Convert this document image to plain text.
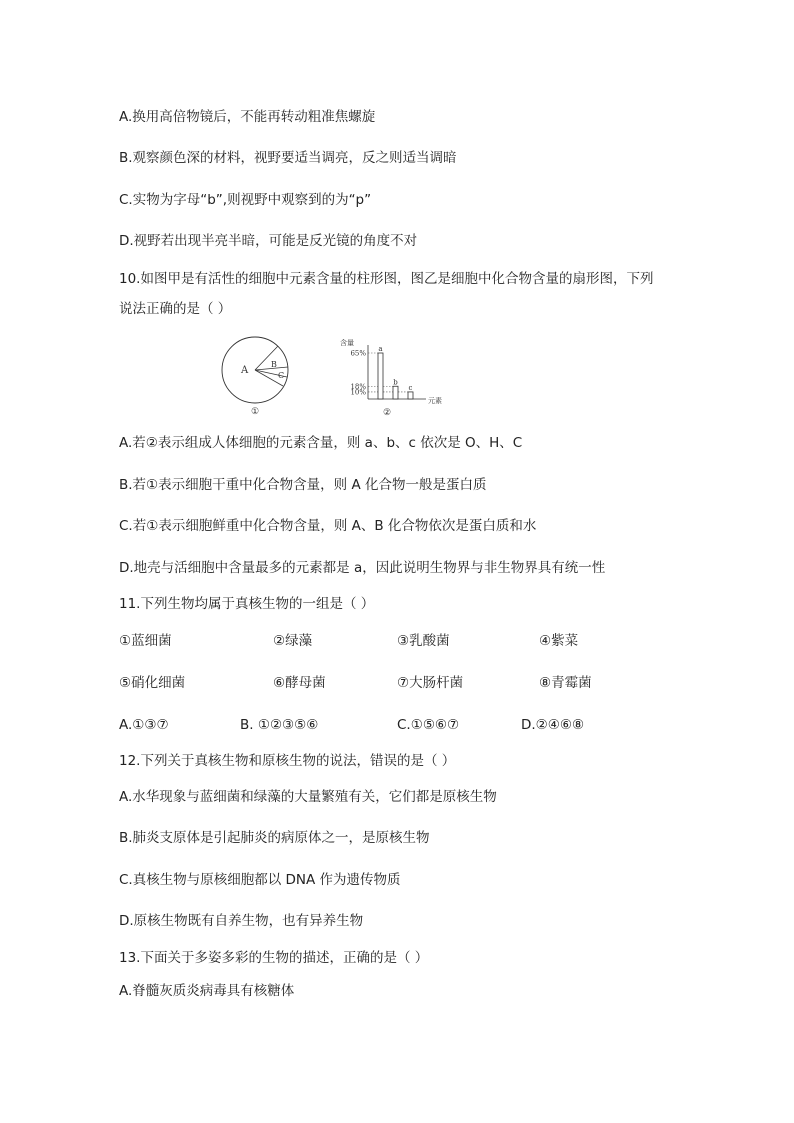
A.换用高倍物镜后，不能再转动粗准焦螺旋
B.观察颜色深的材料，视野要适当调亮，反之则适当调暗
C.实物为字母“b”,则视野中观察到的为“p”
D.视野若出现半亮半暗，可能是反光镜的角度不对
10.如图甲是有活性的细胞中元素含量的柱形图，图乙是细胞中化合物含量的扇形图，下列
说法正确的是（ ）
A
B
C
①
含量
元素
②
65%
18%
10%
a
b
c
A.若②表示组成人体细胞的元素含量，则 a、b、c 依次是 O、H、C
B.若①表示细胞干重中化合物含量，则 A 化合物一般是蛋白质
C.若①表示细胞鲜重中化合物含量，则 A、B 化合物依次是蛋白质和水
D.地壳与活细胞中含量最多的元素都是 a，因此说明生物界与非生物界具有统一性
11.下列生物均属于真核生物的一组是（ ）
①蓝细菌	②绿藻	③乳酸菌	④紫菜
⑤硝化细菌	⑥酵母菌	⑦大肠杆菌	⑧青霉菌
A.①③⑦	B. ①②③⑤⑥	C.①⑤⑥⑦	D.②④⑥⑧
12.下列关于真核生物和原核生物的说法，错误的是（ ）
A.水华现象与蓝细菌和绿藻的大量繁殖有关，它们都是原核生物
B.肺炎支原体是引起肺炎的病原体之一，是原核生物
C.真核生物与原核细胞都以 DNA 作为遗传物质
D.原核生物既有自养生物，也有异养生物
13.下面关于多姿多彩的生物的描述，正确的是（ ）
A.脊髓灰质炎病毒具有核糖体
